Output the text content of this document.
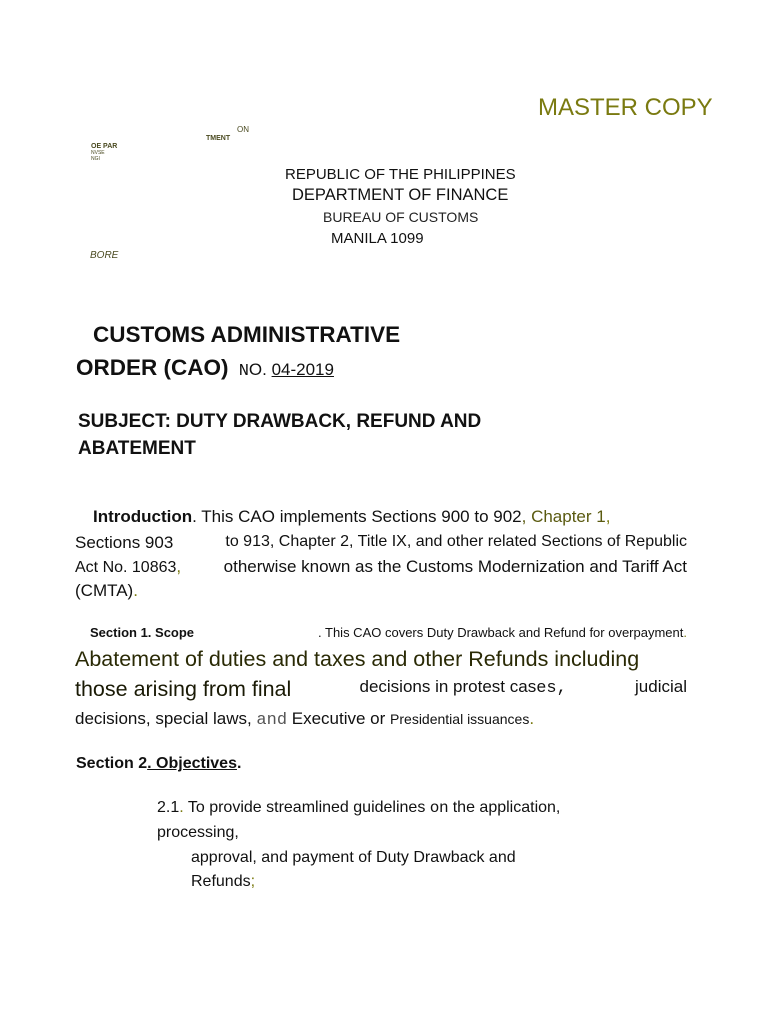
MASTER COPY
ON
TMENT
OE PAR
NVSE
NGI
REPUBLIC OF THE PHILIPPINES
DEPARTMENT OF FINANCE
BUREAU OF CUSTOMS
MANILA 1099
BORE
CUSTOMS ADMINISTRATIVE
ORDER (CAO) NO. 04-2019
SUBJECT: DUTY DRAWBACK, REFUND AND
ABATEMENT
Introduction. This CAO implements Sections 900 to 902, Chapter 1,
Sections 903	to 913, Chapter 2, Title IX, and other related Sections of Republic
Act No. 10863,	otherwise known as the Customs Modernization and Tariff Act
(CMTA).
Section 1. Scope	. This CAO covers Duty Drawback and Refund for overpayment.
Abatement of duties and taxes and other Refunds including
those arising from final	decisions in protest cases,	judicial
decisions, special laws, and Executive or Presidential issuances.
Section 2. Objectives.
2.1. To provide streamlined guidelines on the application,
processing,
approval, and payment of Duty Drawback and
Refunds;
